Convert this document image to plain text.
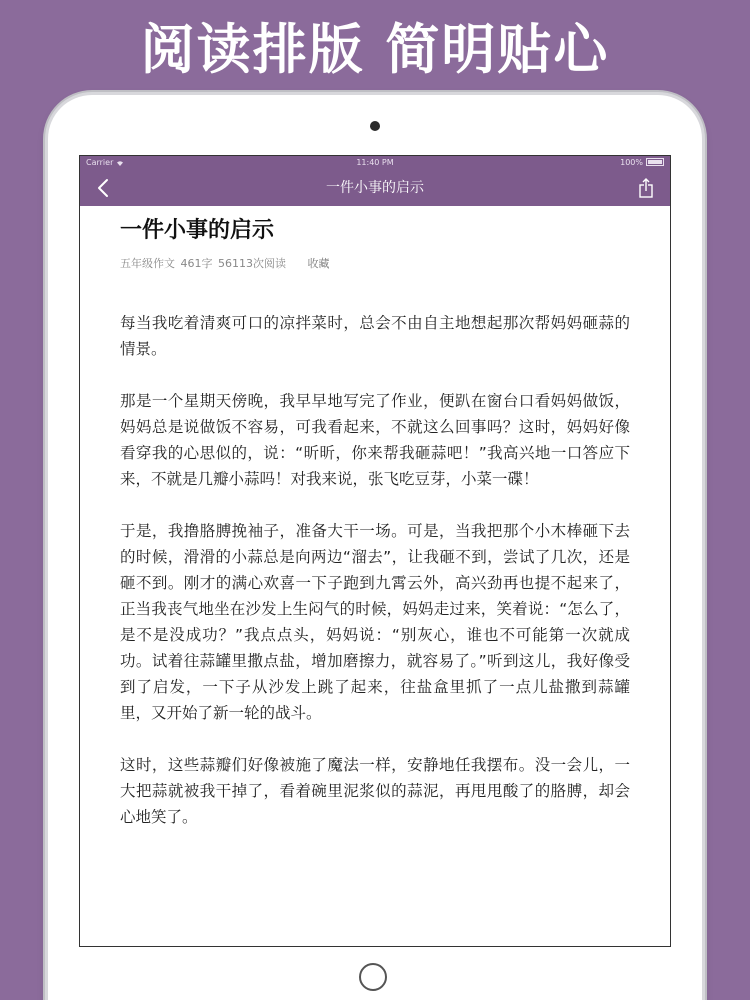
阅读排版 简明贴心
Carrier	11:40 PM	100%
一件小事的启示
一件小事的启示
五年级作文 461字 56113次阅读 收藏

每当我吃着清爽可口的凉拌菜时，总会不由自主地想起那次帮妈妈砸蒜的情景。

那是一个星期天傍晚，我早早地写完了作业，便趴在窗台口看妈妈做饭，妈妈总是说做饭不容易，可我看起来，不就这么回事吗？这时，妈妈好像看穿我的心思似的，说：“昕昕，你来帮我砸蒜吧！”我高兴地一口答应下来，不就是几瓣小蒜吗！对我来说，张飞吃豆芽，小菜一碟！

于是，我撸胳膊挽袖子，准备大干一场。可是，当我把那个小木棒砸下去的时候，滑滑的小蒜总是向两边“溜去”，让我砸不到，尝试了几次，还是砸不到。刚才的满心欢喜一下子跑到九霄云外，高兴劲再也提不起来了，正当我丧气地坐在沙发上生闷气的时候，妈妈走过来，笑着说：“怎么了，是不是没成功？”我点点头，妈妈说：“别灰心，谁也不可能第一次就成功。试着往蒜罐里撒点盐，增加磨擦力，就容易了。”听到这儿，我好像受到了启发，一下子从沙发上跳了起来，往盐盒里抓了一点儿盐撒到蒜罐里，又开始了新一轮的战斗。

这时，这些蒜瓣们好像被施了魔法一样，安静地任我摆布。没一会儿，一大把蒜就被我干掉了，看着碗里泥浆似的蒜泥，再甩甩酸了的胳膊，却会心地笑了。
